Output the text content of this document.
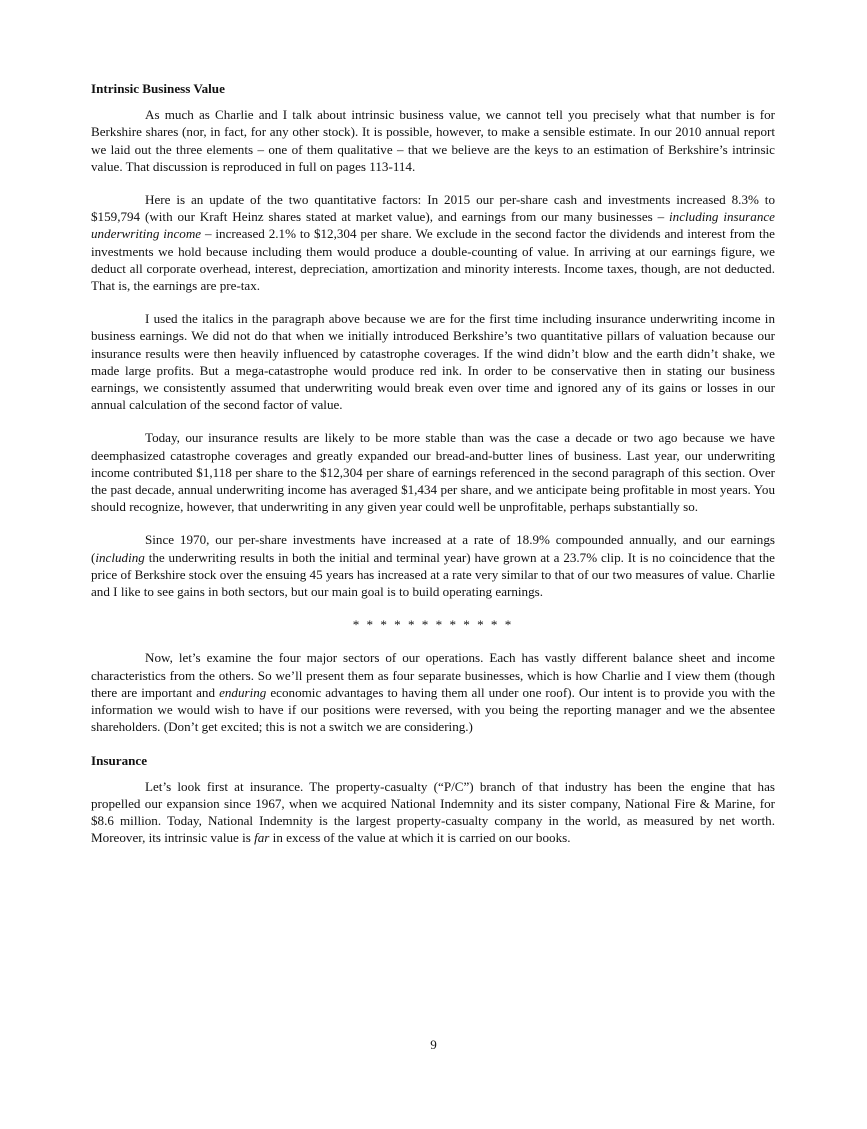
Intrinsic Business Value

As much as Charlie and I talk about intrinsic business value, we cannot tell you precisely what that number is for Berkshire shares (nor, in fact, for any other stock). It is possible, however, to make a sensible estimate. In our 2010 annual report we laid out the three elements – one of them qualitative – that we believe are the keys to an estimation of Berkshire’s intrinsic value. That discussion is reproduced in full on pages 113-114.

Here is an update of the two quantitative factors: In 2015 our per-share cash and investments increased 8.3% to $159,794 (with our Kraft Heinz shares stated at market value), and earnings from our many businesses – including insurance underwriting income – increased 2.1% to $12,304 per share. We exclude in the second factor the dividends and interest from the investments we hold because including them would produce a double-counting of value. In arriving at our earnings figure, we deduct all corporate overhead, interest, depreciation, amortization and minority interests. Income taxes, though, are not deducted. That is, the earnings are pre-tax.

I used the italics in the paragraph above because we are for the first time including insurance underwriting income in business earnings. We did not do that when we initially introduced Berkshire’s two quantitative pillars of valuation because our insurance results were then heavily influenced by catastrophe coverages. If the wind didn’t blow and the earth didn’t shake, we made large profits. But a mega-catastrophe would produce red ink. In order to be conservative then in stating our business earnings, we consistently assumed that underwriting would break even over time and ignored any of its gains or losses in our annual calculation of the second factor of value.

Today, our insurance results are likely to be more stable than was the case a decade or two ago because we have deemphasized catastrophe coverages and greatly expanded our bread-and-butter lines of business. Last year, our underwriting income contributed $1,118 per share to the $12,304 per share of earnings referenced in the second paragraph of this section. Over the past decade, annual underwriting income has averaged $1,434 per share, and we anticipate being profitable in most years. You should recognize, however, that underwriting in any given year could well be unprofitable, perhaps substantially so.

Since 1970, our per-share investments have increased at a rate of 18.9% compounded annually, and our earnings (including the underwriting results in both the initial and terminal year) have grown at a 23.7% clip. It is no coincidence that the price of Berkshire stock over the ensuing 45 years has increased at a rate very similar to that of our two measures of value. Charlie and I like to see gains in both sectors, but our main goal is to build operating earnings.

* * * * * * * * * * * *

Now, let’s examine the four major sectors of our operations. Each has vastly different balance sheet and income characteristics from the others. So we’ll present them as four separate businesses, which is how Charlie and I view them (though there are important and enduring economic advantages to having them all under one roof). Our intent is to provide you with the information we would wish to have if our positions were reversed, with you being the reporting manager and we the absentee shareholders. (Don’t get excited; this is not a switch we are considering.)

Insurance

Let’s look first at insurance. The property-casualty (“P/C”) branch of that industry has been the engine that has propelled our expansion since 1967, when we acquired National Indemnity and its sister company, National Fire & Marine, for $8.6 million. Today, National Indemnity is the largest property-casualty company in the world, as measured by net worth. Moreover, its intrinsic value is far in excess of the value at which it is carried on our books.

9
